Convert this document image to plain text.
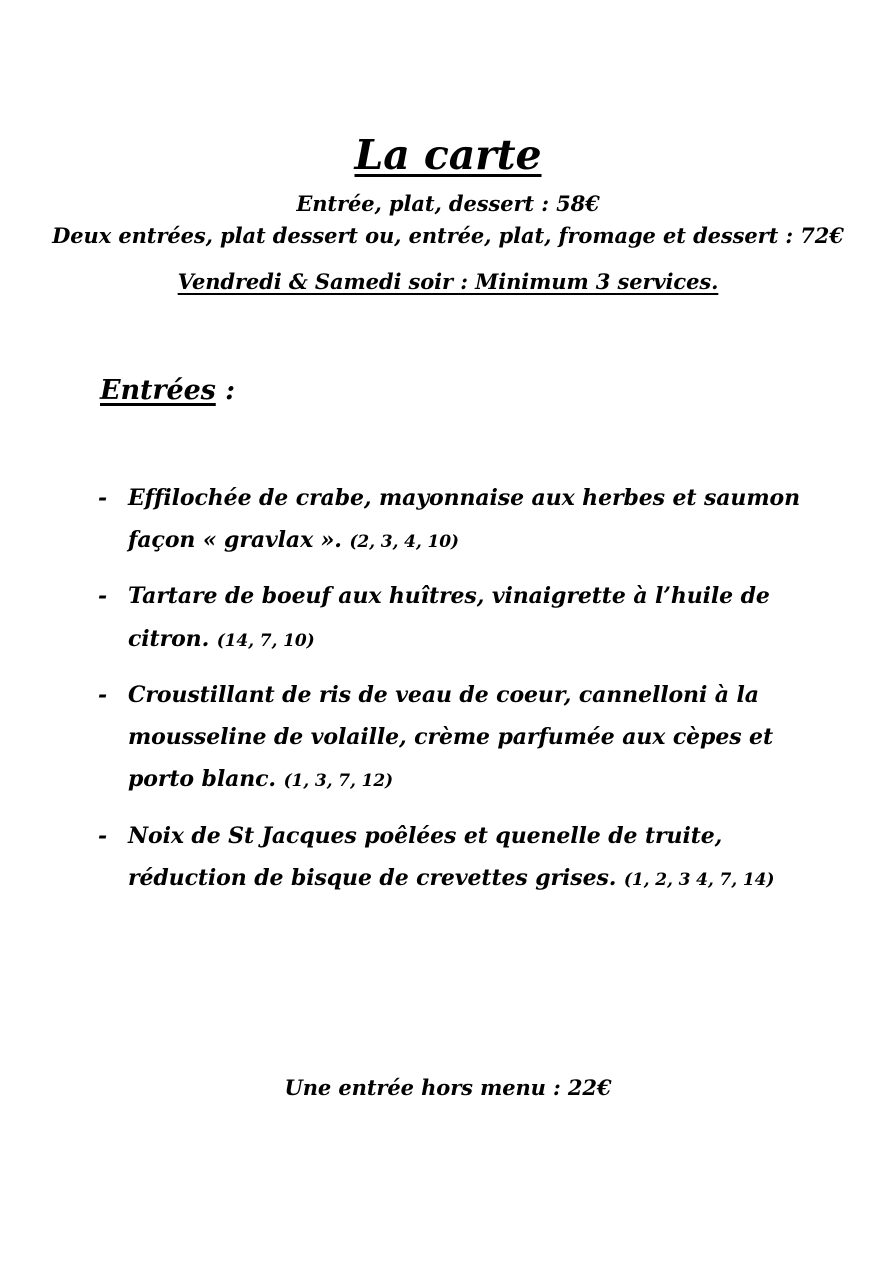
La carte
Entrée, plat, dessert : 58€
Deux entrées, plat dessert ou, entrée, plat, fromage et dessert : 72€
Vendredi & Samedi soir : Minimum 3 services.
Entrées :
- Effilochée de crabe, mayonnaise aux herbes et saumon façon « gravlax ». (2, 3, 4, 10)
- Tartare de boeuf aux huîtres, vinaigrette à l’huile de citron. (14, 7, 10)
- Croustillant de ris de veau de coeur, cannelloni à la mousseline de volaille, crème parfumée aux cèpes et porto blanc. (1, 3, 7, 12)
- Noix de St Jacques poêlées et quenelle de truite, réduction de bisque de crevettes grises. (1, 2, 3 4, 7, 14)
Une entrée hors menu : 22€
